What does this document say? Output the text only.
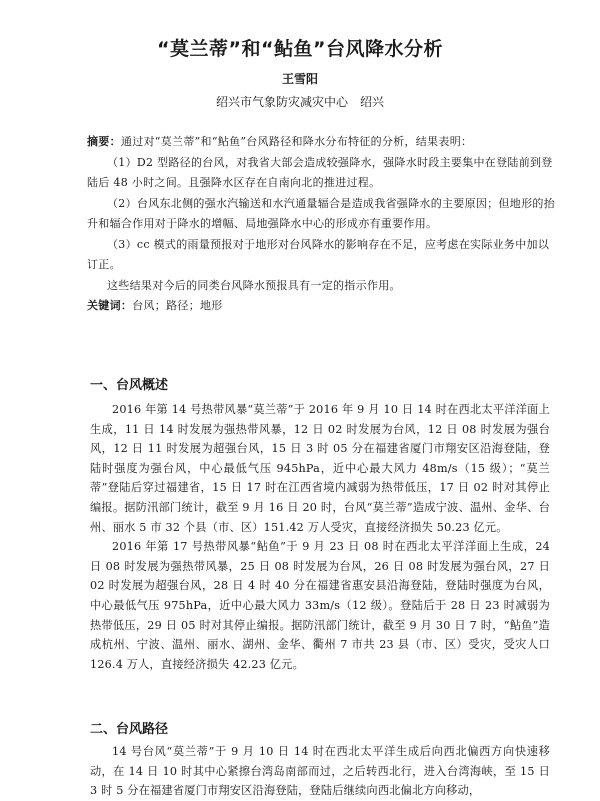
“莫兰蒂”和“鲇鱼”台风降水分析
王雪阳
绍兴市气象防灾减灾中心　绍兴

摘要：通过对“莫兰蒂”和“鲇鱼”台风路径和降水分布特征的分析，结果表明：

（1）D2 型路径的台风，对我省大部会造成较强降水，强降水时段主要集中在登陆前到登陆后 48 小时之间。且强降水区存在自南向北的推进过程。

（2）台风东北侧的强水汽输送和水汽通量辐合是造成我省强降水的主要原因；但地形的抬升和辐合作用对于降水的增幅、局地强降水中心的形成亦有重要作用。

（3）cc 模式的雨量预报对于地形对台风降水的影响存在不足，应考虑在实际业务中加以订正。

这些结果对今后的同类台风降水预报具有一定的指示作用。

关键词：台风；路径；地形

一、台风概述

2016 年第 14 号热带风暴“莫兰蒂”于 2016 年 9 月 10 日 14 时在西北太平洋洋面上生成，11 日 14 时发展为强热带风暴，12 日 02 时发展为台风，12 日 08 时发展为强台风，12 日 11 时发展为超强台风，15 日 3 时 05 分在福建省厦门市翔安区沿海登陆，登陆时强度为强台风，中心最低气压 945hPa，近中心最大风力 48m/s（15 级）；“莫兰蒂”登陆后穿过福建省，15 日 17 时在江西省境内减弱为热带低压，17 日 02 时对其停止编报。据防汛部门统计，截至 9 月 16 日 20 时，台风“莫兰蒂”造成宁波、温州、金华、台州、丽水 5 市 32 个县（市、区）151.42 万人受灾，直接经济损失 50.23 亿元。

2016 年第 17 号热带风暴“鲇鱼”于 9 月 23 日 08 时在西北太平洋洋面上生成，24 日 08 时发展为强热带风暴，25 日 08 时发展为台风，26 日 08 时发展为强台风，27 日 02 时发展为超强台风，28 日 4 时 40 分在福建省惠安县沿海登陆，登陆时强度为台风，中心最低气压 975hPa，近中心最大风力 33m/s（12 级）。登陆后于 28 日 23 时减弱为热带低压，29 日 05 时对其停止编报。据防汛部门统计，截至 9 月 30 日 7 时，“鲇鱼”造成杭州、宁波、温州、丽水、湖州、金华、衢州 7 市共 23 县（市、区）受灾，受灾人口 126.4 万人，直接经济损失 42.23 亿元。

二、台风路径

14 号台风“莫兰蒂”于 9 月 10 日 14 时在西北太平洋生成后向西北偏西方向快速移动，在 14 日 10 时其中心紧擦台湾岛南部而过，之后转西北行，进入台湾海峡，至 15 日 3 时 5 分在福建省厦门市翔安区沿海登陆，登陆后继续向西北偏北方向移动，
